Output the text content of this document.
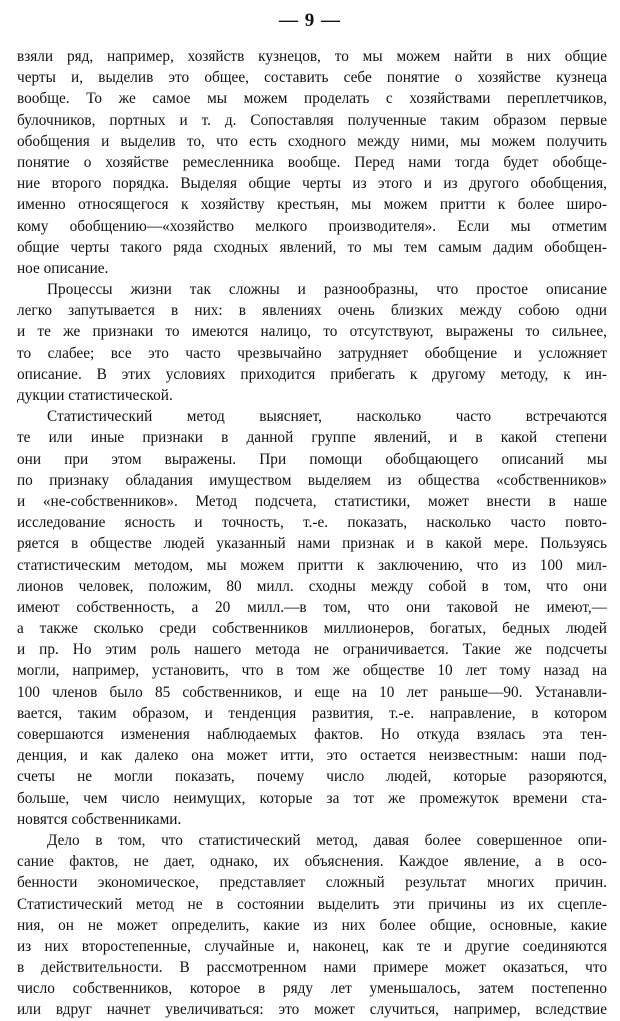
— 9 —
взяли ряд, например, хозяйств кузнецов, то мы можем найти в них общие
черты и, выделив это общее, составить себе понятие о хозяйстве кузнеца
вообще. То же самое мы можем проделать с хозяйствами переплетчиков,
булочников, портных и т. д. Сопоставляя полученные таким образом первые
обобщения и выделив то, что есть сходного между ними, мы можем получить
понятие о хозяйстве ремесленника вообще. Перед нами тогда будет обобще-
ние второго порядка. Выделяя общие черты из этого и из другого обобщения,
именно относящегося к хозяйству крестьян, мы можем притти к более широ-
кому обобщению—«хозяйство мелкого производителя». Если мы отметим
общие черты такого ряда сходных явлений, то мы тем самым дадим обобщен-
ное описание.
Процессы жизни так сложны и разнообразны, что простое описание
легко запутывается в них: в явлениях очень близких между собою одни
и те же признаки то имеются налицо, то отсутствуют, выражены то сильнее,
то слабее; все это часто чрезвычайно затрудняет обобщение и усложняет
описание. В этих условиях приходится прибегать к другому методу, к ин-
дукции статистической.
Статистический метод выясняет, насколько часто встречаются
те или иные признаки в данной группе явлений, и в какой степени
они при этом выражены. При помощи обобщающего описаний мы
по признаку обладания имуществом выделяем из общества «собственников»
и «не-собственников». Метод подсчета, статистики, может внести в наше
исследование ясность и точность, т.-е. показать, насколько часто повто-
ряется в обществе людей указанный нами признак и в какой мере. Пользуясь
статистическим методом, мы можем притти к заключению, что из 100 мил-
лионов человек, положим, 80 милл. сходны между собой в том, что они
имеют собственность, а 20 милл.—в том, что они таковой не имеют,—
а также сколько среди собственников миллионеров, богатых, бедных людей
и пр. Но этим роль нашего метода не ограничивается. Такие же подсчеты
могли, например, установить, что в том же обществе 10 лет тому назад на
100 членов было 85 собственников, и еще на 10 лет раньше—90. Устанавли-
вается, таким образом, и тенденция развития, т.-е. направление, в котором
совершаются изменения наблюдаемых фактов. Но откуда взялась эта тен-
денция, и как далеко она может итти, это остается неизвестным: наши под-
счеты не могли показать, почему число людей, которые разоряются,
больше, чем число неимущих, которые за тот же промежуток времени ста-
новятся собственниками.
Дело в том, что статистический метод, давая более совершенное опи-
сание фактов, не дает, однако, их объяснения. Каждое явление, а в осо-
бенности экономическое, представляет сложный результат многих причин.
Статистический метод не в состоянии выделить эти причины из их сцепле-
ния, он не может определить, какие из них более общие, основные, какие
из них второстепенные, случайные и, наконец, как те и другие соединяются
в действительности. В рассмотренном нами примере может оказаться, что
число собственников, которое в ряду лет уменьшалось, затем постепенно
или вдруг начнет увеличиваться: это может случиться, например, вследствие
